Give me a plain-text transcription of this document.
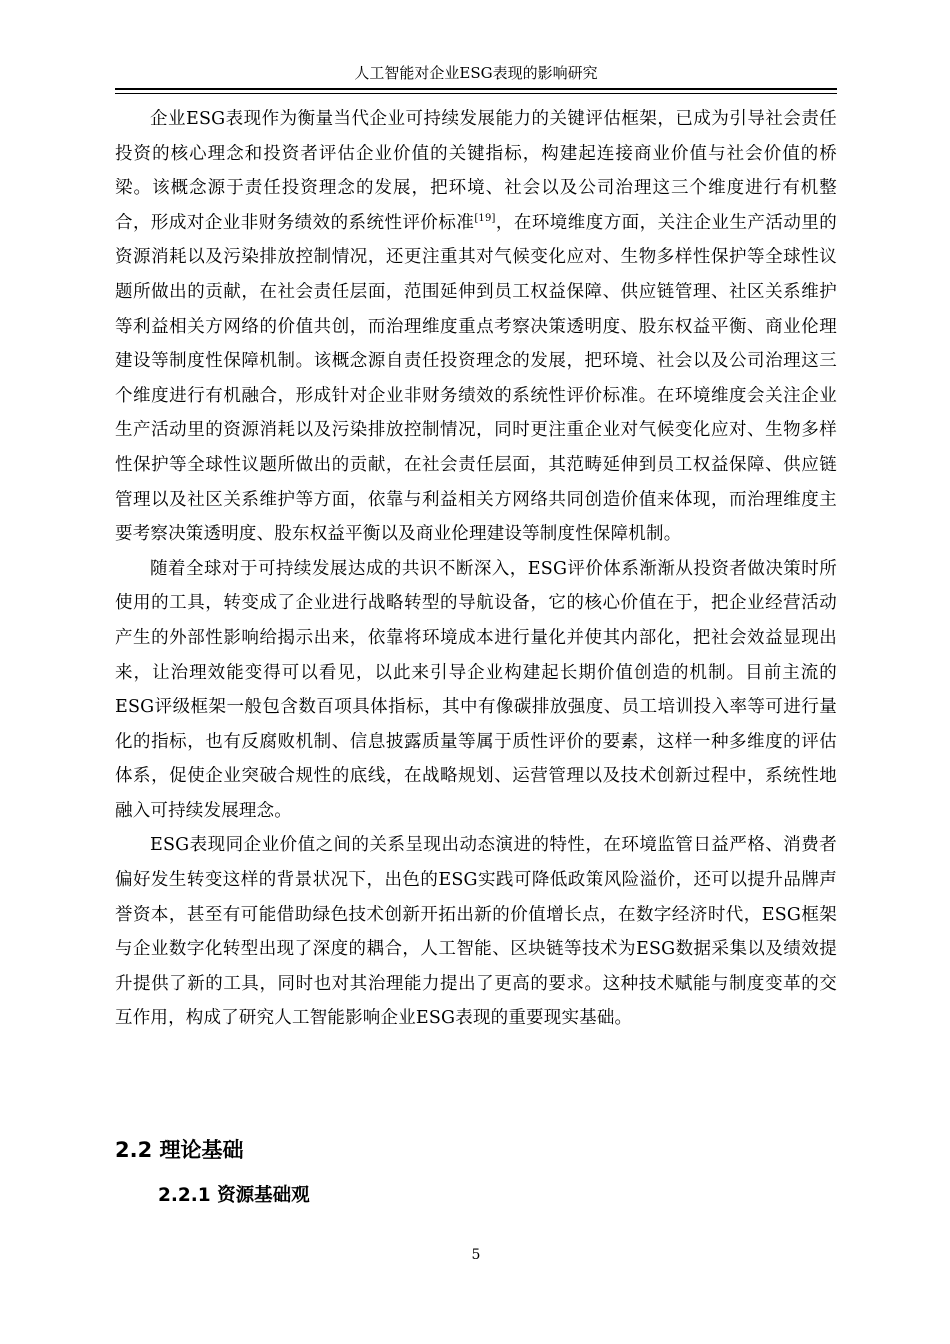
人工智能对企业ESG表现的影响研究

企业ESG表现作为衡量当代企业可持续发展能力的关键评估框架，已成为引导社会责任投资的核心理念和投资者评估企业价值的关键指标，构建起连接商业价值与社会价值的桥梁。该概念源于责任投资理念的发展，把环境、社会以及公司治理这三个维度进行有机整合，形成对企业非财务绩效的系统性评价标准[19]，在环境维度方面，关注企业生产活动里的资源消耗以及污染排放控制情况，还更注重其对气候变化应对、生物多样性保护等全球性议题所做出的贡献，在社会责任层面，范围延伸到员工权益保障、供应链管理、社区关系维护等利益相关方网络的价值共创，而治理维度重点考察决策透明度、股东权益平衡、商业伦理建设等制度性保障机制。该概念源自责任投资理念的发展，把环境、社会以及公司治理这三个维度进行有机融合，形成针对企业非财务绩效的系统性评价标准。在环境维度会关注企业生产活动里的资源消耗以及污染排放控制情况，同时更注重企业对气候变化应对、生物多样性保护等全球性议题所做出的贡献，在社会责任层面，其范畴延伸到员工权益保障、供应链管理以及社区关系维护等方面，依靠与利益相关方网络共同创造价值来体现，而治理维度主要考察决策透明度、股东权益平衡以及商业伦理建设等制度性保障机制。

随着全球对于可持续发展达成的共识不断深入，ESG评价体系渐渐从投资者做决策时所使用的工具，转变成了企业进行战略转型的导航设备，它的核心价值在于，把企业经营活动产生的外部性影响给揭示出来，依靠将环境成本进行量化并使其内部化，把社会效益显现出来，让治理效能变得可以看见，以此来引导企业构建起长期价值创造的机制。目前主流的ESG评级框架一般包含数百项具体指标，其中有像碳排放强度、员工培训投入率等可进行量化的指标，也有反腐败机制、信息披露质量等属于质性评价的要素，这样一种多维度的评估体系，促使企业突破合规性的底线，在战略规划、运营管理以及技术创新过程中，系统性地融入可持续发展理念。

ESG表现同企业价值之间的关系呈现出动态演进的特性，在环境监管日益严格、消费者偏好发生转变这样的背景状况下，出色的ESG实践可降低政策风险溢价，还可以提升品牌声誉资本，甚至有可能借助绿色技术创新开拓出新的价值增长点，在数字经济时代，ESG框架与企业数字化转型出现了深度的耦合，人工智能、区块链等技术为ESG数据采集以及绩效提升提供了新的工具，同时也对其治理能力提出了更高的要求。这种技术赋能与制度变革的交互作用，构成了研究人工智能影响企业ESG表现的重要现实基础。

2.2 理论基础
2.2.1 资源基础观
5
